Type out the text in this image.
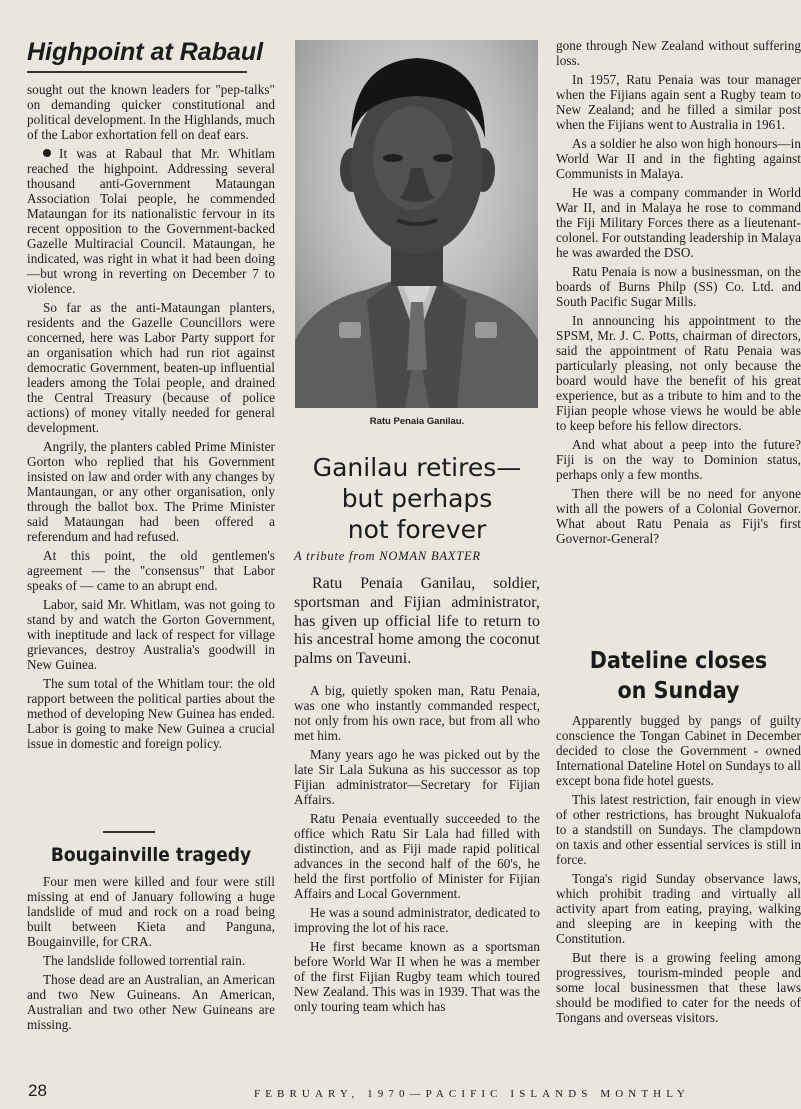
Highpoint at Rabaul

sought out the known leaders for "pep-talks" on demanding quicker constitutional and political development. In the Highlands, much of the Labor exhortation fell on deaf ears.

It was at Rabaul that Mr. Whitlam reached the highpoint. Addressing several thousand anti-Government Mataungan Association Tolai people, he commended Mataungan for its nationalistic fervour in its recent opposition to the Government-backed Gazelle Multiracial Council. Mataungan, he indicated, was right in what it had been doing—but wrong in reverting on December 7 to violence.

So far as the anti-Mataungan planters, residents and the Gazelle Councillors were concerned, here was Labor Party support for an organisation which had run riot against democratic Government, beaten-up influential leaders among the Tolai people, and drained the Central Treasury (because of police actions) of money vitally needed for general development.

Angrily, the planters cabled Prime Minister Gorton who replied that his Government insisted on law and order with any changes by Mantaungan, or any other organisation, only through the ballot box. The Prime Minister said Mataungan had been offered a referendum and had refused.

At this point, the old gentlemen's agreement — the "consensus" that Labor speaks of — came to an abrupt end.

Labor, said Mr. Whitlam, was not going to stand by and watch the Gorton Government, with ineptitude and lack of respect for village grievances, destroy Australia's goodwill in New Guinea.

The sum total of the Whitlam tour: the old rapport between the political parties about the method of developing New Guinea has ended. Labor is going to make New Guinea a crucial issue in domestic and foreign policy.

Bougainville tragedy

Four men were killed and four were still missing at end of January following a huge landslide of mud and rock on a road being built between Kieta and Panguna, Bougainville, for CRA.

The landslide followed torrential rain.

Those dead are an Australian, an American and two New Guineans. An American, Australian and two other New Guineans are missing.

Ratu Penaia Ganilau.

Ganilau retires—
but perhaps
not forever

A tribute from NOMAN BAXTER

Ratu Penaia Ganilau, soldier, sportsman and Fijian administrator, has given up official life to return to his ancestral home among the coconut palms on Taveuni.

A big, quietly spoken man, Ratu Penaia, was one who instantly commanded respect, not only from his own race, but from all who met him.

Many years ago he was picked out by the late Sir Lala Sukuna as his successor as top Fijian administrator—Secretary for Fijian Affairs.

Ratu Penaia eventually succeeded to the office which Ratu Sir Lala had filled with distinction, and as Fiji made rapid political advances in the second half of the 60's, he held the first portfolio of Minister for Fijian Affairs and Local Government.

He was a sound administrator, dedicated to improving the lot of his race.

He first became known as a sportsman before World War II when he was a member of the first Fijian Rugby team which toured New Zealand. This was in 1939. That was the only touring team which has

gone through New Zealand without suffering loss.

In 1957, Ratu Penaia was tour manager when the Fijians again sent a Rugby team to New Zealand; and he filled a similar post when the Fijians went to Australia in 1961.

As a soldier he also won high honours—in World War II and in the fighting against Communists in Malaya.

He was a company commander in World War II, and in Malaya he rose to command the Fiji Military Forces there as a lieutenant-colonel. For outstanding leadership in Malaya he was awarded the DSO.

Ratu Penaia is now a businessman, on the boards of Burns Philp (SS) Co. Ltd. and South Pacific Sugar Mills.

In announcing his appointment to the SPSM, Mr. J. C. Potts, chairman of directors, said the appointment of Ratu Penaia was particularly pleasing, not only because the board would have the benefit of his great experience, but as a tribute to him and to the Fijian people whose views he would be able to keep before his fellow directors.

And what about a peep into the future? Fiji is on the way to Dominion status, perhaps only a few months.

Then there will be no need for anyone with all the powers of a Colonial Governor. What about Ratu Penaia as Fiji's first Governor-General?

Dateline closes
on Sunday

Apparently bugged by pangs of guilty conscience the Tongan Cabinet in December decided to close the Government - owned International Dateline Hotel on Sundays to all except bona fide hotel guests.

This latest restriction, fair enough in view of other restrictions, has brought Nukualofa to a standstill on Sundays. The clampdown on taxis and other essential services is still in force.

Tonga's rigid Sunday observance laws, which prohibit trading and virtually all activity apart from eating, praying, walking and sleeping are in keeping with the Constitution.

But there is a growing feeling among progressives, tourism-minded people and some local businessmen that these laws should be modified to cater for the needs of Tongans and overseas visitors.

28	FEBRUARY, 1970—PACIFIC ISLANDS MONTHLY
